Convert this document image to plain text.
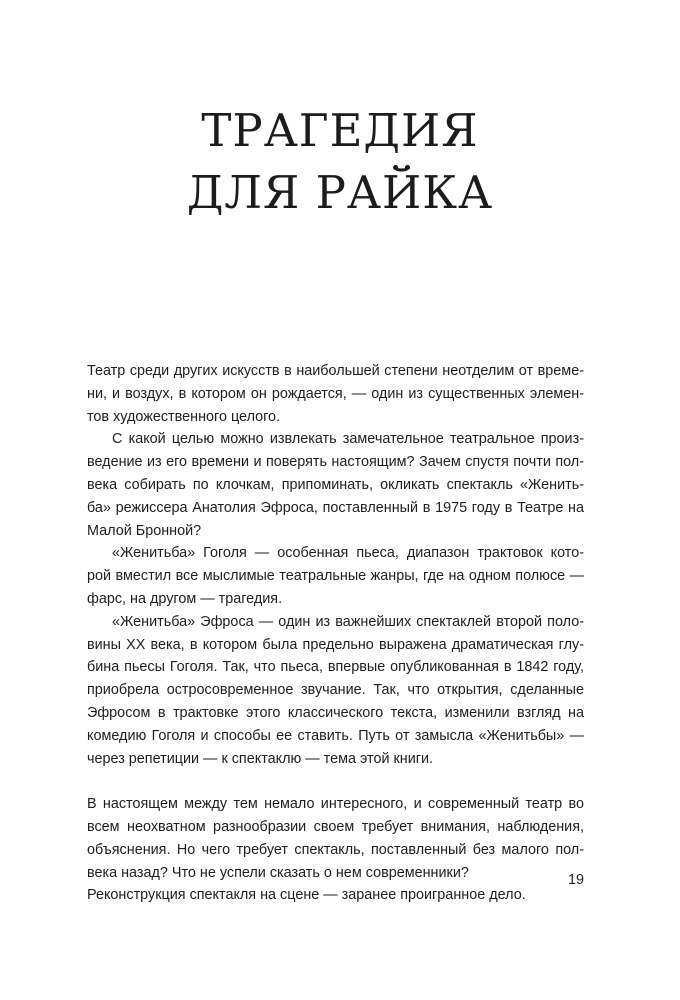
ТРАГЕДИЯ
ДЛЯ РАЙКА
Театр среди других искусств в наибольшей степени неотделим от време-
ни, и воздух, в котором он рождается, — один из существенных элемен-
тов художественного целого.
С какой целью можно извлекать замечательное театральное произ-
ведение из его времени и поверять настоящим? Зачем спустя почти пол-
века собирать по клочкам, припоминать, окликать спектакль «Женить-
ба» режиссера Анатолия Эфроса, поставленный в 1975 году в Театре на
Малой Бронной?
«Женитьба» Гоголя — особенная пьеса, диапазон трактовок кото-
рой вместил все мыслимые театральные жанры, где на одном полюсе —
фарс, на другом — трагедия.
«Женитьба» Эфроса — один из важнейших спектаклей второй поло-
вины XX века, в котором была предельно выражена драматическая глу-
бина пьесы Гоголя. Так, что пьеса, впервые опубликованная в 1842 году,
приобрела остросовременное звучание. Так, что открытия, сделанные
Эфросом в трактовке этого классического текста, изменили взгляд на
комедию Гоголя и способы ее ставить. Путь от замысла «Женитьбы» —
через репетиции — к спектаклю — тема этой книги.
В настоящем между тем немало интересного, и современный театр во
всем неохватном разнообразии своем требует внимания, наблюдения,
объяснения. Но чего требует спектакль, поставленный без малого пол-
века назад? Что не успели сказать о нем современники?
Реконструкция спектакля на сцене — заранее проигранное дело.
19
